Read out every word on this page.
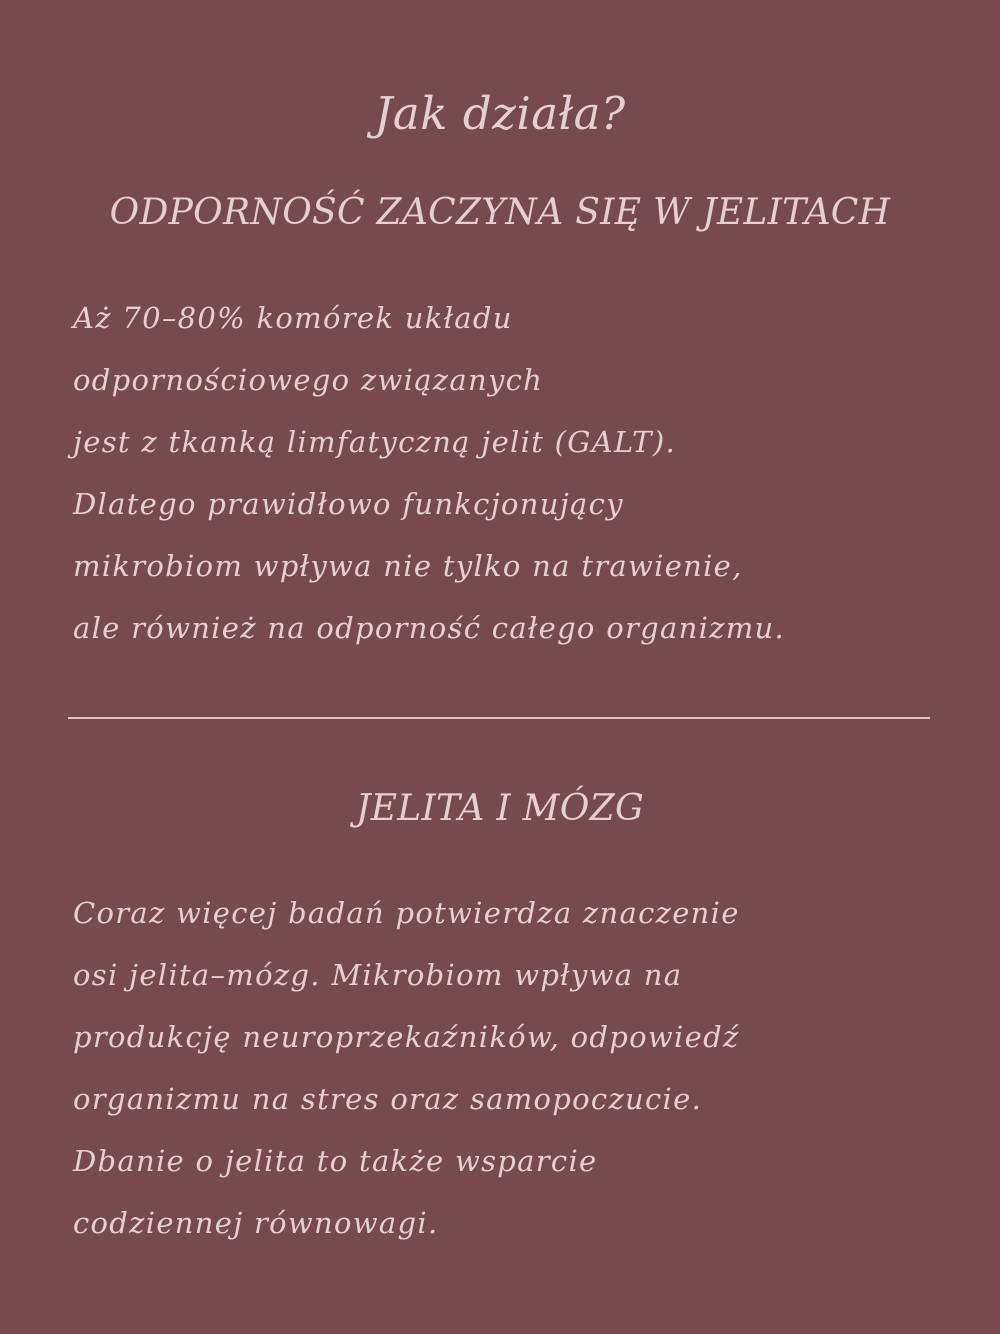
Jak działa?
ODPORNOŚĆ ZACZYNA SIĘ W JELITACH

Aż 70–80% komórek układu
odpornościowego związanych
jest z tkanką limfatyczną jelit (GALT).
Dlatego prawidłowo funkcjonujący
mikrobiom wpływa nie tylko na trawienie,
ale również na odporność całego organizmu.

JELITA I MÓZG

Coraz więcej badań potwierdza znaczenie
osi jelita–mózg. Mikrobiom wpływa na
produkcję neuroprzekaźników, odpowiedź
organizmu na stres oraz samopoczucie.
Dbanie o jelita to także wsparcie
codziennej równowagi.
